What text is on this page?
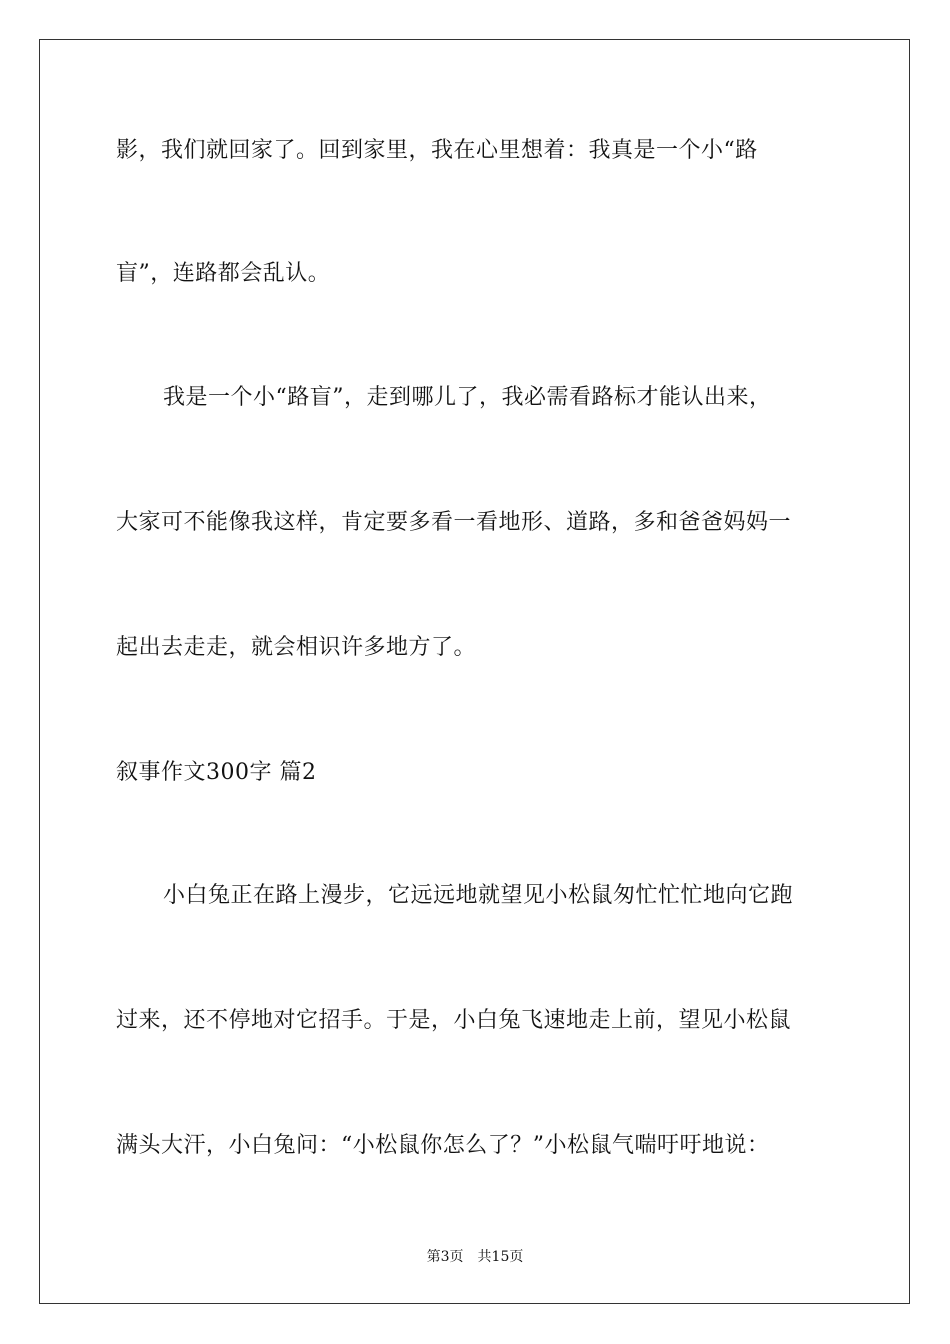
影，我们就回家了。回到家里，我在心里想着：我真是一个小“路
盲”，连路都会乱认。
我是一个小“路盲”，走到哪儿了，我必需看路标才能认出来，
大家可不能像我这样，肯定要多看一看地形、道路，多和爸爸妈妈一
起出去走走，就会相识许多地方了。
叙事作文300字 篇2
小白兔正在路上漫步，它远远地就望见小松鼠匆忙忙忙地向它跑
过来，还不停地对它招手。于是，小白兔飞速地走上前，望见小松鼠
满头大汗，小白兔问：“小松鼠你怎么了？”小松鼠气喘吁吁地说：
第3页　共15页
